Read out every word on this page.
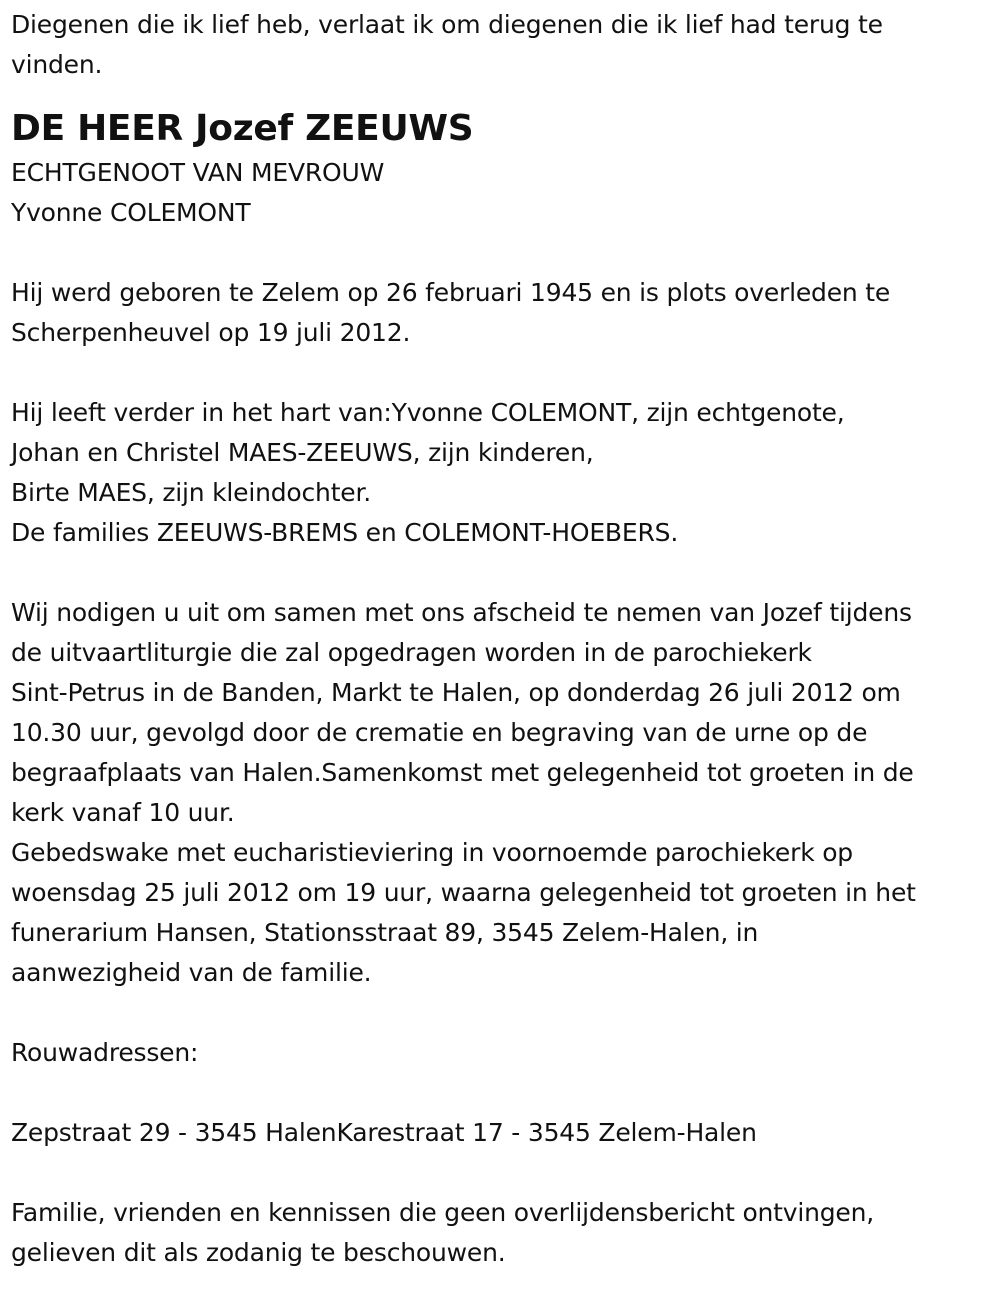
Diegenen die ik lief heb, verlaat ik om diegenen die ik lief had terug te
vinden.
DE HEER Jozef ZEEUWS
ECHTGENOOT VAN MEVROUW
Yvonne COLEMONT
Hij werd geboren te Zelem op 26 februari 1945 en is plots overleden te
Scherpenheuvel op 19 juli 2012.
Hij leeft verder in het hart van:Yvonne COLEMONT, zijn echtgenote,
Johan en Christel MAES-ZEEUWS, zijn kinderen,
Birte MAES, zijn kleindochter.
De families ZEEUWS-BREMS en COLEMONT-HOEBERS.
Wij nodigen u uit om samen met ons afscheid te nemen van Jozef tijdens
de uitvaartliturgie die zal opgedragen worden in de parochiekerk
Sint-Petrus in de Banden, Markt te Halen, op donderdag 26 juli 2012 om
10.30 uur, gevolgd door de crematie en begraving van de urne op de
begraafplaats van Halen.Samenkomst met gelegenheid tot groeten in de
kerk vanaf 10 uur.
Gebedswake met eucharistieviering in voornoemde parochiekerk op
woensdag 25 juli 2012 om 19 uur, waarna gelegenheid tot groeten in het
funerarium Hansen, Stationsstraat 89, 3545 Zelem-Halen, in
aanwezigheid van de familie.
Rouwadressen:
Zepstraat 29 - 3545 HalenKarestraat 17 - 3545 Zelem-Halen
Familie, vrienden en kennissen die geen overlijdensbericht ontvingen,
gelieven dit als zodanig te beschouwen.
